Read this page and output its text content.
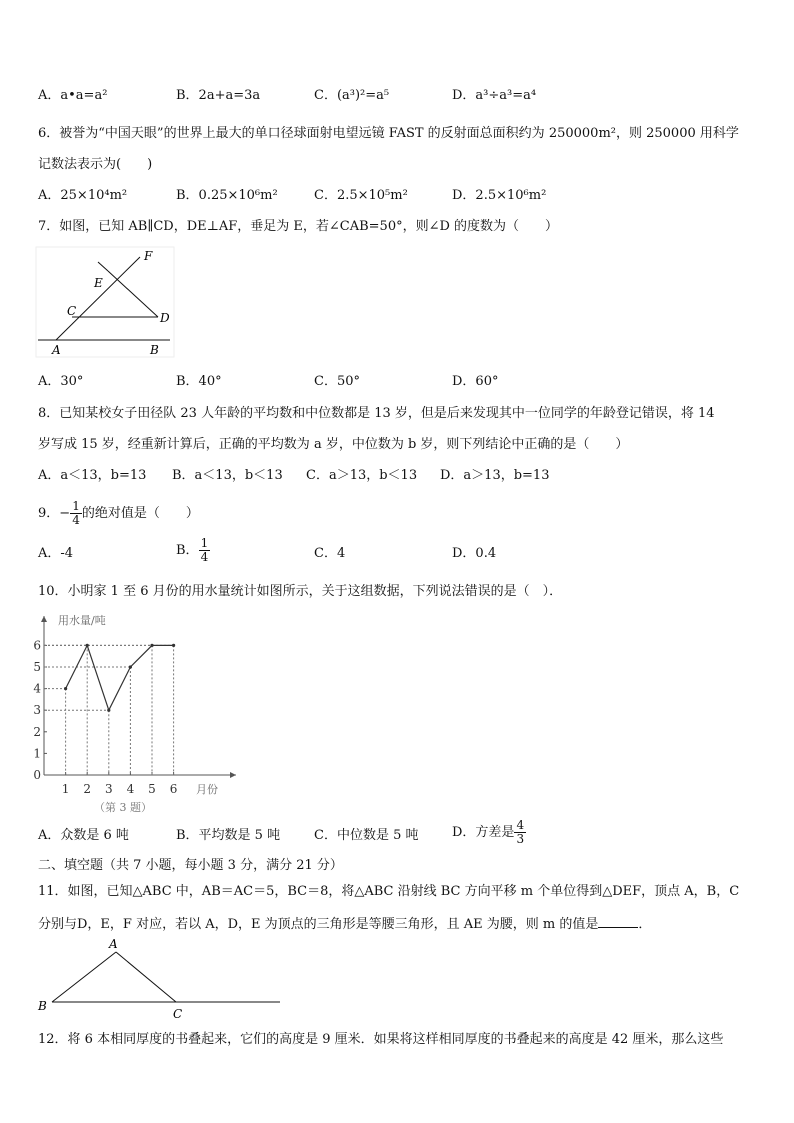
A．a•a=a²	B．2a+a=3a	C．(a³)²=a⁵	D．a³÷a³=a⁴
6．被誉为“中国天眼”的世界上最大的单口径球面射电望远镜 FAST 的反射面总面积约为 250000m²，则 250000 用科学
记数法表示为(　　)
A．25×10⁴m²	B．0.25×10⁶m²	C．2.5×10⁵m²	D．2.5×10⁶m²
7．如图，已知 AB∥CD，DE⊥AF，垂足为 E，若∠CAB=50°，则∠D 的度数为（　　）
F
E
C	D
A	B
A．30°	B．40°	C．50°	D．60°
8．已知某校女子田径队 23 人年龄的平均数和中位数都是 13 岁，但是后来发现其中一位同学的年龄登记错误，将 14
岁写成 15 岁，经重新计算后，正确的平均数为 a 岁，中位数为 b 岁，则下列结论中正确的是（　　）
A．a＜13，b=13 B．a＜13，b＜13 C．a＞13，b＜13 D．a＞13，b=13
9．− $\frac{1}{4}$ 的绝对值是（　　）
A．-4	B． $\frac{1}{4}$	C．4	D．0.4
10．小明家 1 至 6 月份的用水量统计如图所示，关于这组数据，下列说法错误的是（　）．
用水量/吨
月份
0
1
2
3
4
5
6
1 2 3 4 5 6
（第 3 题）
A．众数是 6 吨	B．平均数是 5 吨	C．中位数是 5 吨	D．方差是 $\frac{4}{3}$
二、填空题（共 7 小题，每小题 3 分，满分 21 分）
11．如图，已知△ABC 中，AB＝AC＝5，BC＝8，将△ABC 沿射线 BC 方向平移 m 个单位得到△DEF，顶点 A，B，C
分别与D，E，F 对应，若以 A，D，E 为顶点的三角形是等腰三角形，且 AE 为腰，则 m 的值是	．
A
B
C
12．将 6 本相同厚度的书叠起来，它们的高度是 9 厘米．如果将这样相同厚度的书叠起来的高度是 42 厘米，那么这些
